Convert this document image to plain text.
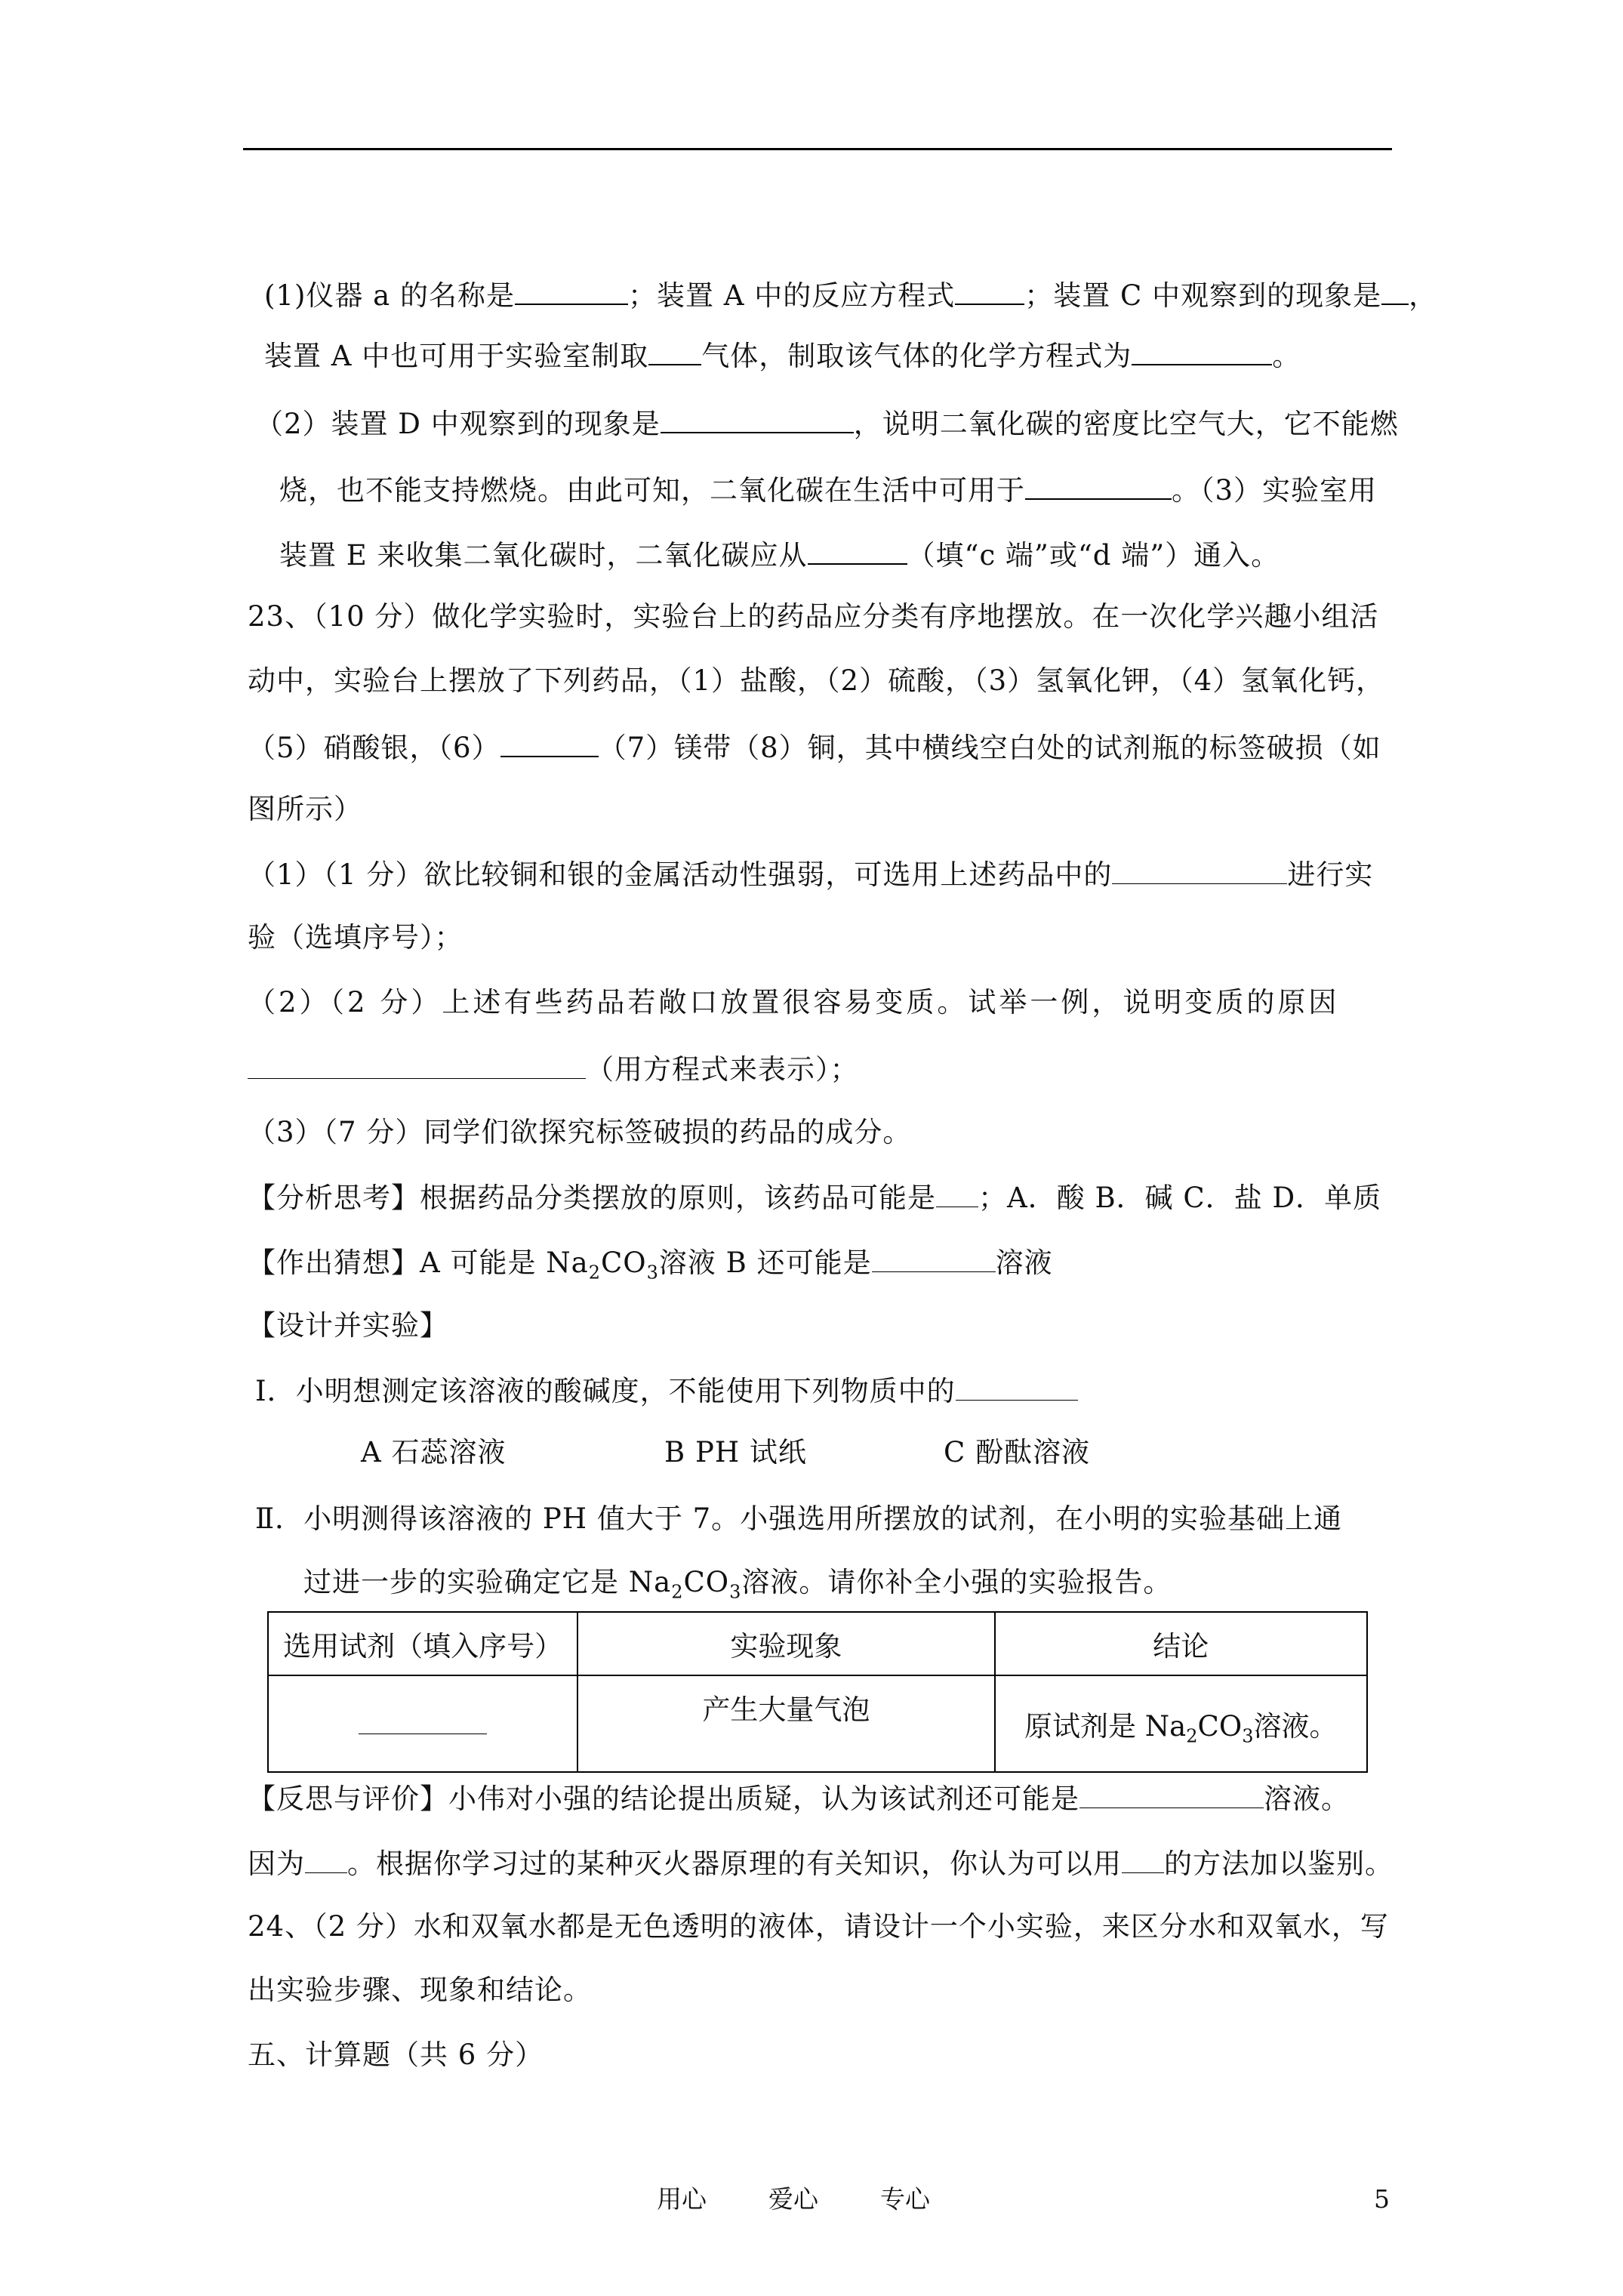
(1)仪器 a 的名称是	；装置 A 中的反应方程式 ；装置 C 中观察到的现象是 ，
装置 A 中也可用于实验室制取 气体，制取该气体的化学方程式为	。
（2）装置 D 中观察到的现象是	，说明二氧化碳的密度比空气大，它不能燃
烧，也不能支持燃烧。由此可知，二氧化碳在生活中可用于	。（3）实验室用
装置 E 来收集二氧化碳时，二氧化碳应从	（填“c 端”或“d 端”）通入。
23、（10 分）做化学实验时，实验台上的药品应分类有序地摆放。在一次化学兴趣小组活
动中，实验台上摆放了下列药品，（1）盐酸，（2）硫酸，（3）氢氧化钾，（4）氢氧化钙，
（5）硝酸银，（6）	（7）镁带（8）铜，其中横线空白处的试剂瓶的标签破损（如
图所示）
（1）（1 分）欲比较铜和银的金属活动性强弱，可选用上述药品中的	进行实
验（选填序号）；
（2）（2 分）上述有些药品若敞口放置很容易变质。试举一例，说明变质的原因
（用方程式来表示）；
（3）（7 分）同学们欲探究标签破损的药品的成分。
【分析思考】根据药品分类摆放的原则，该药品可能是 ；A．酸 B．碱 C．盐 D．单质
【作出猜想】A 可能是 $Na_2CO_3$溶液 B 还可能是	溶液
【设计并实验】
Ⅰ．小明想测定该溶液的酸碱度，不能使用下列物质中的
A 石蕊溶液	B PH 试纸	C 酚酞溶液
Ⅱ．小明测得该溶液的 PH 值大于 7。小强选用所摆放的试剂，在小明的实验基础上通
过进一步的实验确定它是 $Na_2CO_3$溶液。请你补全小强的实验报告。
选用试剂（填入序号）	实验现象	结论
	产生大量气泡	原试剂是 $Na_2CO_3$溶液。
【反思与评价】小伟对小强的结论提出质疑，认为该试剂还可能是	溶液。
因为 。根据你学习过的某种灭火器原理的有关知识，你认为可以用 的方法加以鉴别。
24、（2 分）水和双氧水都是无色透明的液体，请设计一个小实验，来区分水和双氧水，写
出实验步骤、现象和结论。
五、计算题（共 6 分）
用心 爱心 专心	5
